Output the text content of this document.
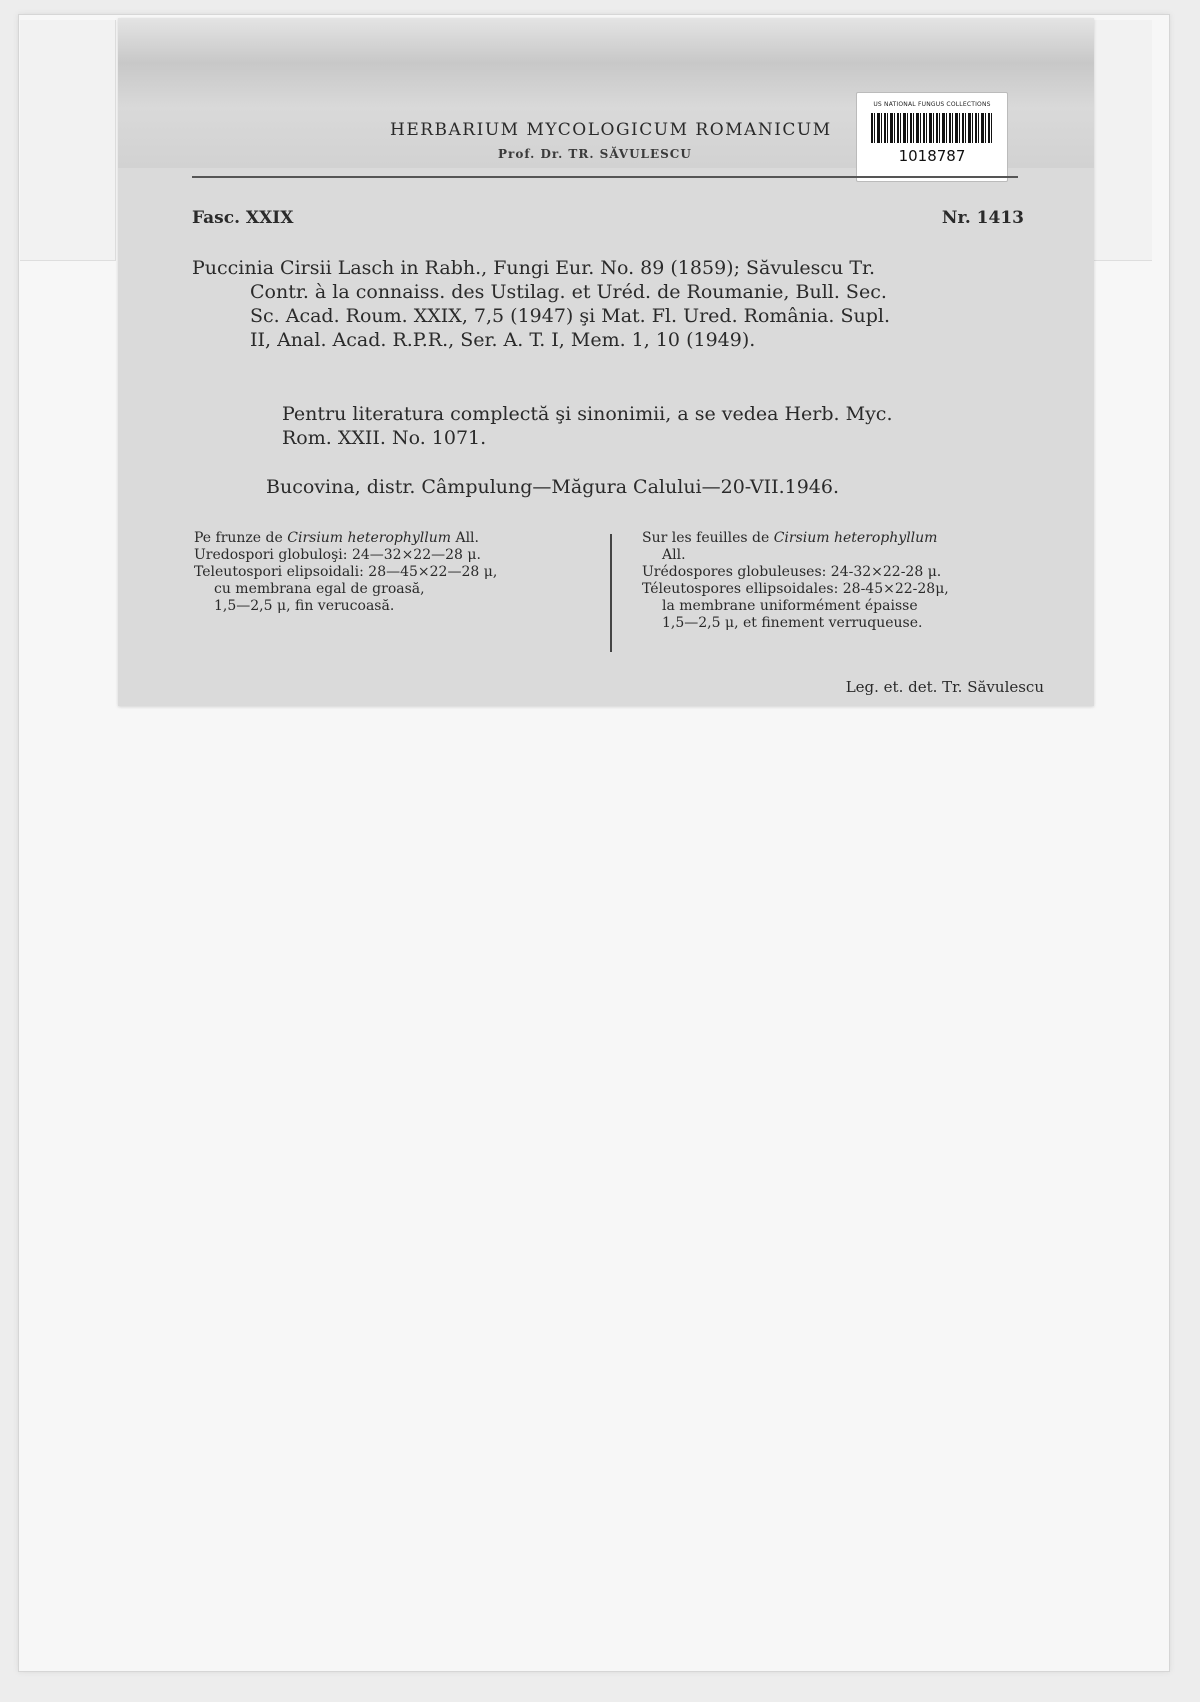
HERBARIUM MYCOLOGICUM ROMANICUM
Prof. Dr. TR. SĂVULESCU
US NATIONAL FUNGUS COLLECTIONS
1018787
Fasc. XXIX	Nr. 1413
Puccinia Cirsii Lasch in Rabh., Fungi Eur. No. 89 (1859); Săvulescu Tr.
Contr. à la connaiss. des Ustilag. et Uréd. de Roumanie, Bull. Sec.
Sc. Acad. Roum. XXIX, 7,5 (1947) şi Mat. Fl. Ured. România. Supl.
II, Anal. Acad. R.P.R., Ser. A. T. I, Mem. 1, 10 (1949).
Pentru literatura complectă şi sinonimii, a se vedea Herb. Myc.
Rom. XXII. No. 1071.
Bucovina, distr. Câmpulung—Măgura Calului—20-VII.1946.
Pe frunze de Cirsium heterophyllum All.
Uredospori globuloşi: 24—32×22—28 μ.
Teleutospori elipsoidali: 28—45×22—28 μ,
cu membrana egal de groasă,
1,5—2,5 μ, fin verucoasă.
Sur les feuilles de Cirsium heterophyllum
All.
Urédospores globuleuses: 24-32×22-28 μ.
Téleutospores ellipsoidales: 28-45×22-28μ,
la membrane uniformément épaisse
1,5—2,5 μ, et finement verruqueuse.
Leg. et. det. Tr. Săvulescu
